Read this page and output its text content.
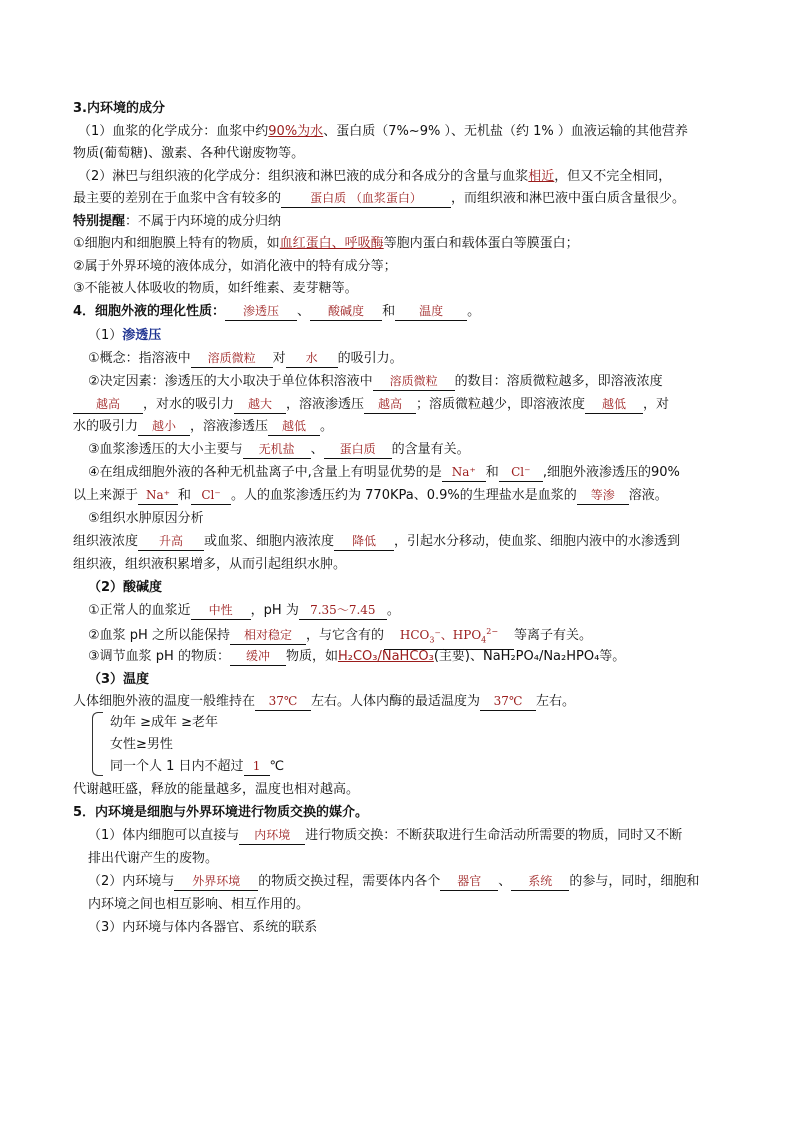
3.内环境的成分
（1）血浆的化学成分：血浆中约90%为水、蛋白质（7%~9% ）、无机盐（约 1% ）血液运输的其他营养
物质(葡萄糖)、激素、各种代谢废物等。
（2）淋巴与组织液的化学成分：组织液和淋巴液的成分和各成分的含量与血浆相近，但又不完全相同，
最主要的差别在于血浆中含有较多的 蛋白质 （血浆蛋白） ，而组织液和淋巴液中蛋白质含量很少。
特别提醒：不属于内环境的成分归纳
①细胞内和细胞膜上特有的物质，如血红蛋白、呼吸酶等胞内蛋白和载体蛋白等膜蛋白；
②属于外界环境的液体成分，如消化液中的特有成分等；
③不能被人体吸收的物质，如纤维素、麦芽糖等。
4．细胞外液的理化性质： 渗透压 、 酸碱度 和 温度 。
（1）渗透压
①概念：指溶液中 溶质微粒 对 水 的吸引力。
②决定因素：渗透压的大小取决于单位体积溶液中 溶质微粒 的数目：溶质微粒越多，即溶液浓度
越高 ，对水的吸引力 越大 ，溶液渗透压 越高 ；溶质微粒越少，即溶液浓度 越低 ，对
水的吸引力 越小 ，溶液渗透压 越低 。
③血浆渗透压的大小主要与 无机盐 、 蛋白质 的含量有关。
④在组成细胞外液的各种无机盐离子中,含量上有明显优势的是 Na⁺ 和 Cl⁻ ,细胞外液渗透压的90%
以上来源于 Na⁺ 和 Cl⁻ 。人的血浆渗透压约为 770KPa、0.9%的生理盐水是血浆的 等渗 溶液。
⑤组织水肿原因分析
组织液浓度 升高 或血浆、细胞内液浓度 降低 ，引起水分移动，使血浆、细胞内液中的水渗透到
组织液，组织液积累增多，从而引起组织水肿。
（2）酸碱度
①正常人的血浆近 中性 ，pH 为 7.35～7.45 。
②血浆 pH 之所以能保持 相对稳定 ，与它含有的 $HCO_3^-$、$HPO_4^{2-}$ 等离子有关。
③调节血浆 pH 的物质： 缓冲 物质，如H₂CO₃/NaHCO₃(主要)、NaH₂PO₄/Na₂HPO₄等。
（3）温度
人体细胞外液的温度一般维持在 37℃ 左右。人体内酶的最适温度为 37℃ 左右。
幼年 ≥成年 ≥老年
女性≥男性
同一个人 1 日内不超过 1 ℃
代谢越旺盛，释放的能量越多，温度也相对越高。
5．内环境是细胞与外界环境进行物质交换的媒介。
（1）体内细胞可以直接与 内环境 进行物质交换：不断获取进行生命活动所需要的物质，同时又不断
排出代谢产生的废物。
（2）内环境与 外界环境 的物质交换过程，需要体内各个 器官 、 系统 的参与，同时，细胞和
内环境之间也相互影响、相互作用的。
（3）内环境与体内各器官、系统的联系
